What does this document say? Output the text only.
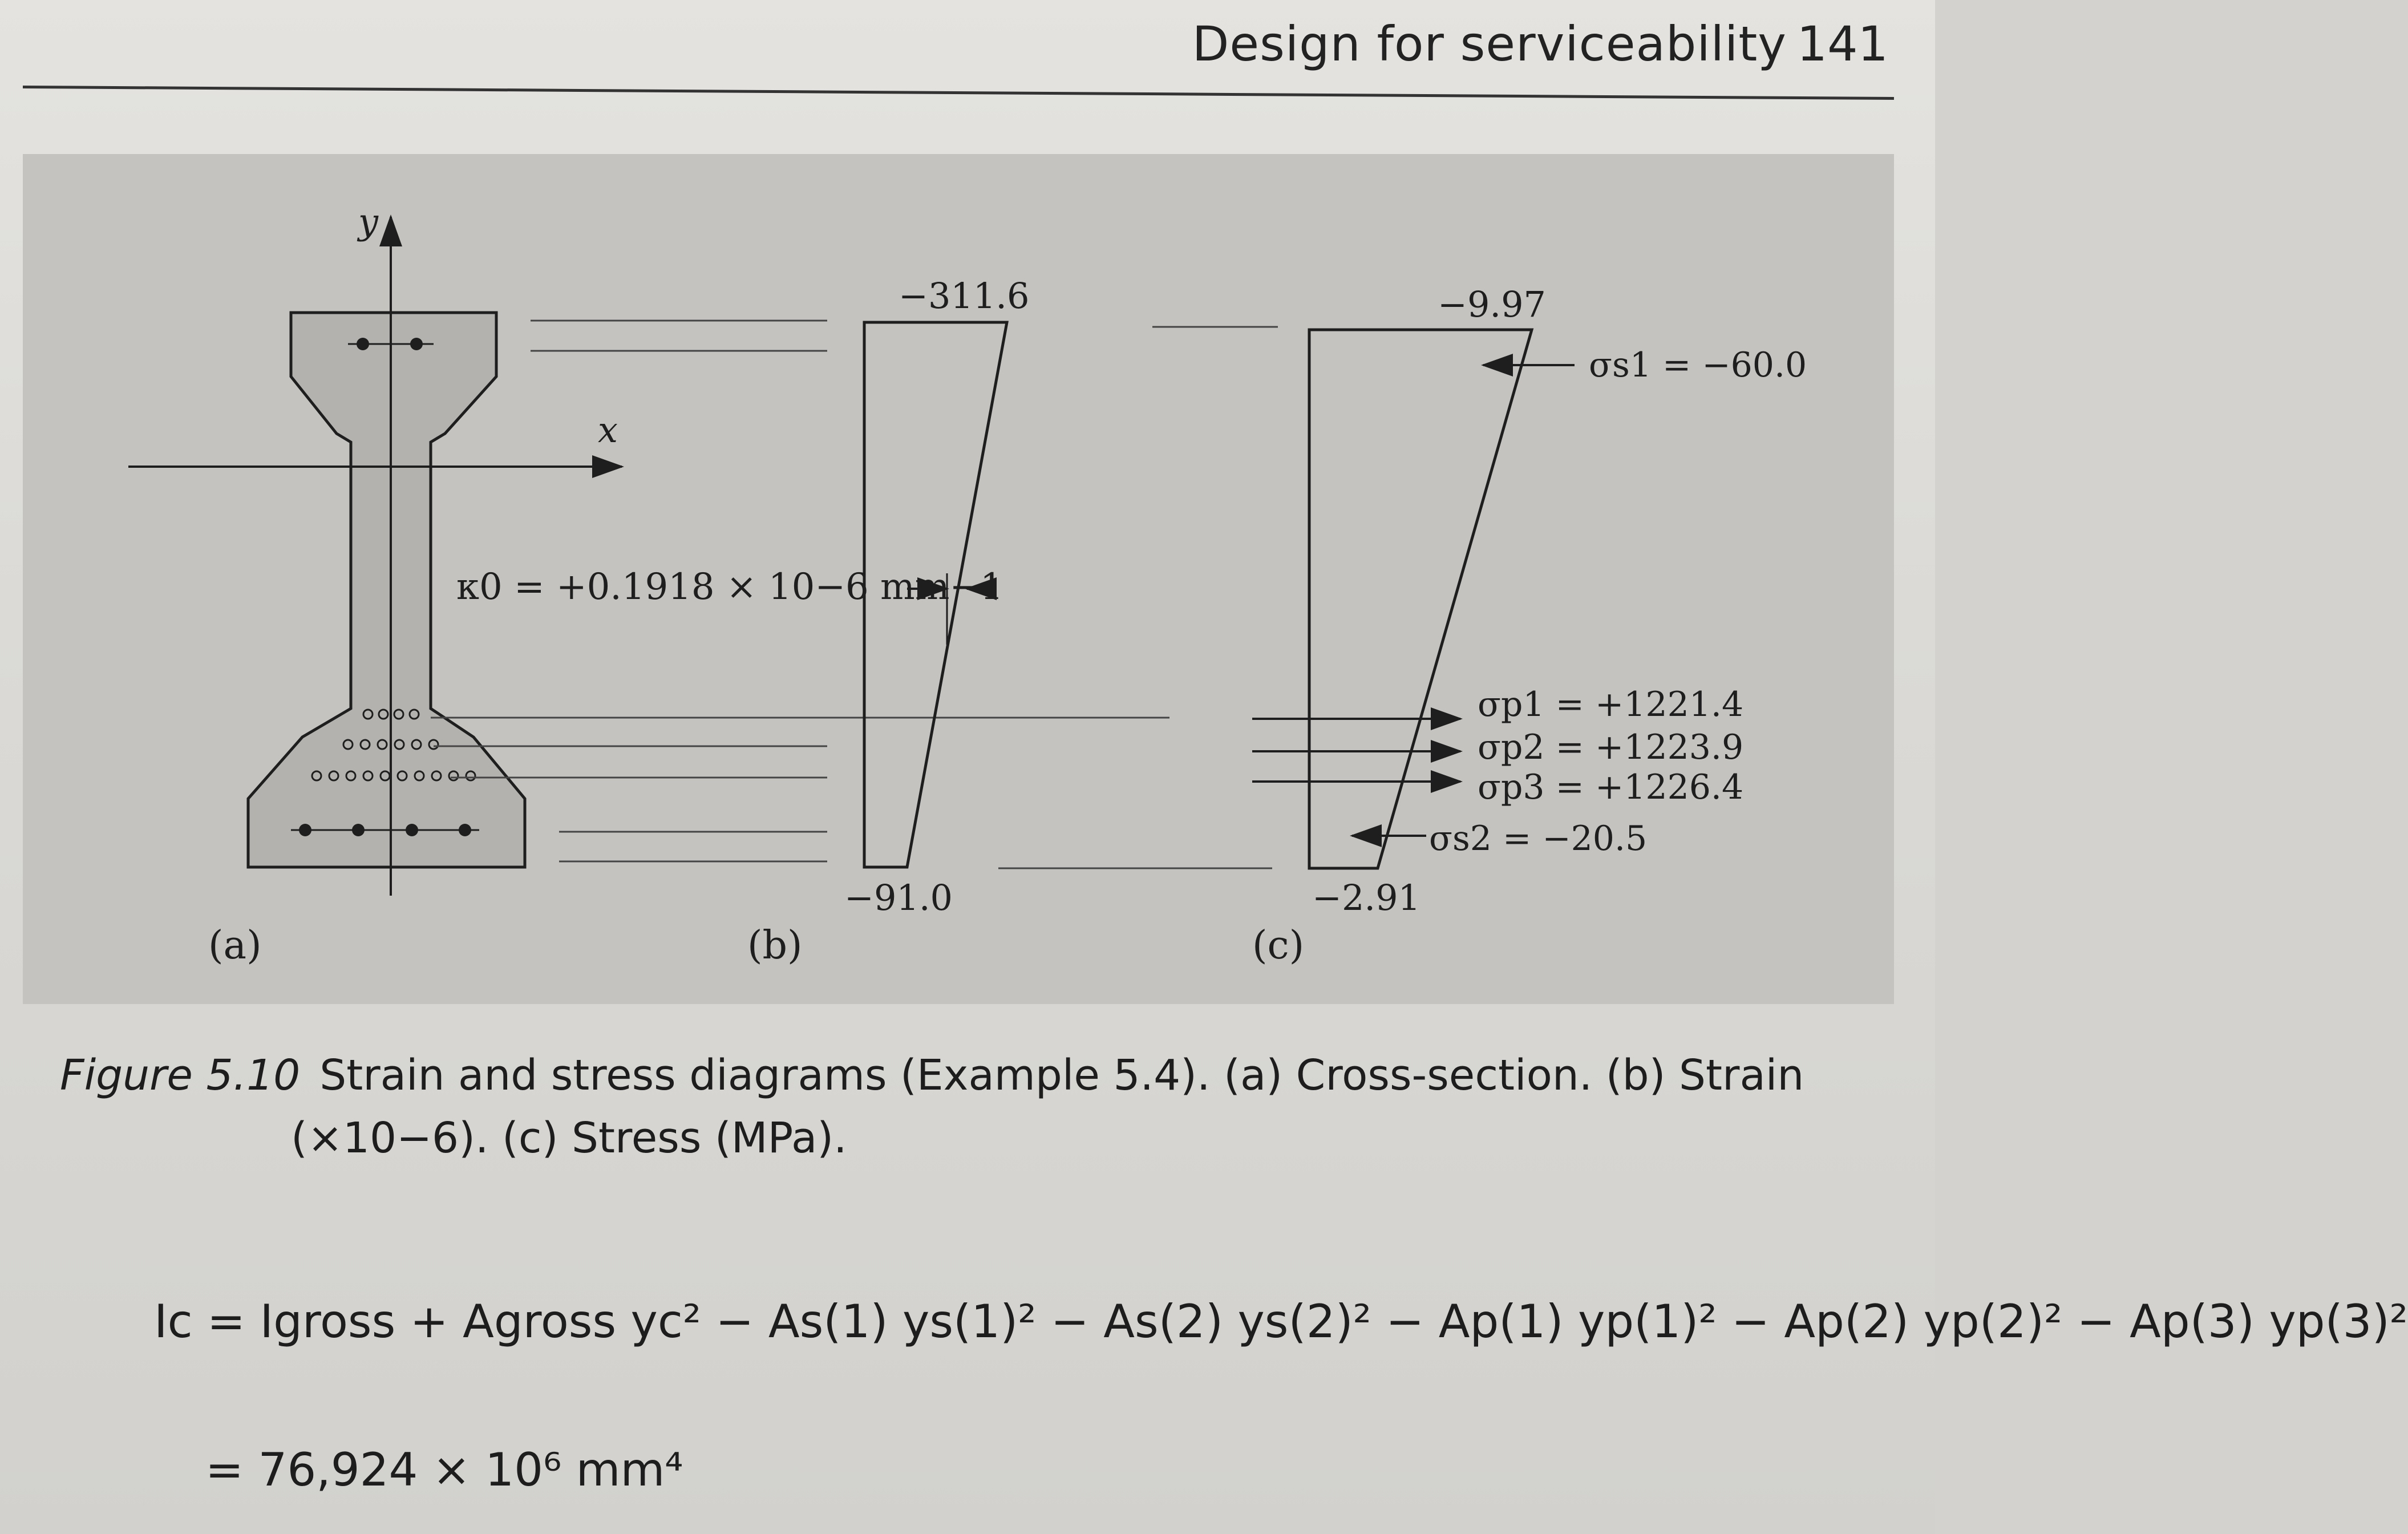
Design for serviceability 141
y
x
−311.6
−91.0
κ0 = +0.1918 × 10−6 mm−1
−9.97
−2.91
σs1 = −60.0
σp1 = +1221.4
σp2 = +1223.9
σp3 = +1226.4
σs2 = −20.5
(a)	(b)	(c)
Figure 5.10 Strain and stress diagrams (Example 5.4). (a) Cross-section. (b) Strain
(×10−6). (c) Stress (MPa).
Ic = Igross + Agross yc² − As(1) ys(1)² − As(2) ys(2)² − Ap(1) yp(1)² − Ap(2) yp(2)² − Ap(3) yp(3)²
= 76,924 × 10⁶ mm⁴
